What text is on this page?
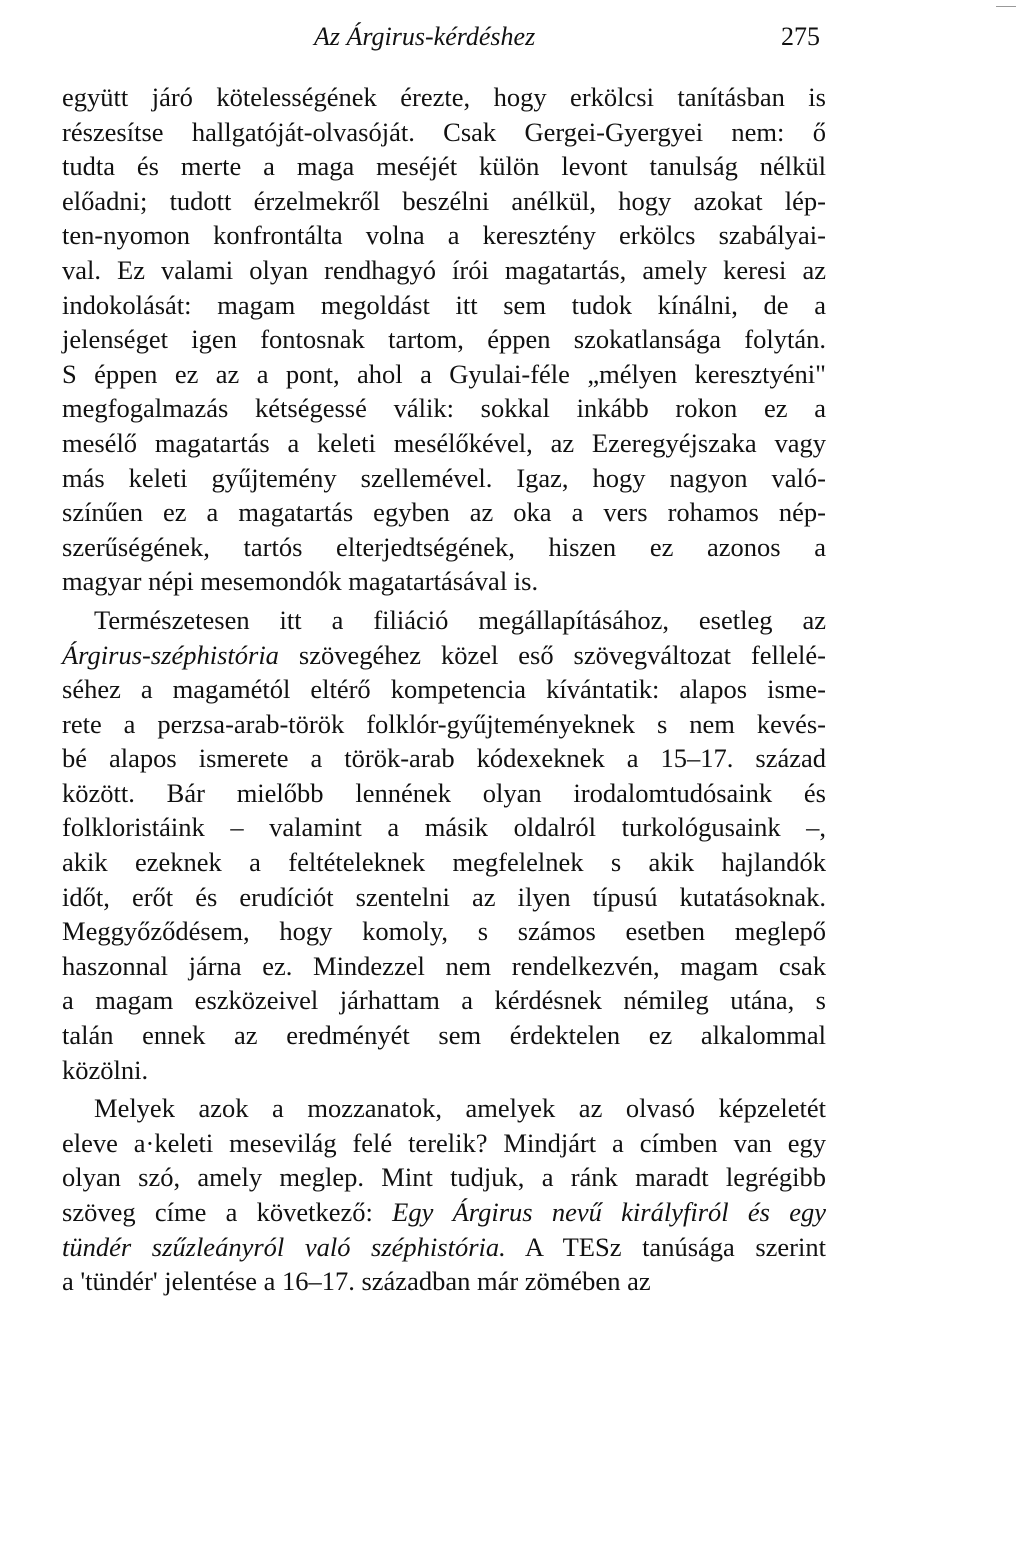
Az Árgirus-kérdéshez	275
együtt járó kötelességének érezte, hogy erkölcsi tanításban is
részesítse hallgatóját-olvasóját. Csak Gergei-Gyergyei nem: ő
tudta és merte a maga meséjét külön levont tanulság nélkül
előadni; tudott érzelmekről beszélni anélkül, hogy azokat lép-
ten-nyomon konfrontálta volna a keresztény erkölcs szabályai-
val. Ez valami olyan rendhagyó írói magatartás, amely keresi az
indokolását: magam megoldást itt sem tudok kínálni, de a
jelenséget igen fontosnak tartom, éppen szokatlansága folytán.
S éppen ez az a pont, ahol a Gyulai-féle „mélyen keresztyéni"
megfogalmazás kétségessé válik: sokkal inkább rokon ez a
mesélő magatartás a keleti mesélőkével, az Ezeregyéjszaka vagy
más keleti gyűjtemény szellemével. Igaz, hogy nagyon való-
színűen ez a magatartás egyben az oka a vers rohamos nép-
szerűségének, tartós elterjedtségének, hiszen ez azonos a
magyar népi mesemondók magatartásával is.
Természetesen itt a filiáció megállapításához, esetleg az
Árgirus-széphistória szövegéhez közel eső szövegváltozat fellelé-
séhez a magamétól eltérő kompetencia kívántatik: alapos isme-
rete a perzsa-arab-török folklór-gyűjteményeknek s nem kevés-
bé alapos ismerete a török-arab kódexeknek a 15–17. század
között. Bár mielőbb lennének olyan irodalomtudósaink és
folkloristáink – valamint a másik oldalról turkológusaink –,
akik ezeknek a feltételeknek megfelelnek s akik hajlandók
időt, erőt és erudíciót szentelni az ilyen típusú kutatásoknak.
Meggyőződésem, hogy komoly, s számos esetben meglepő
haszonnal járna ez. Mindezzel nem rendelkezvén, magam csak
a magam eszközeivel járhattam a kérdésnek némileg utána, s
talán ennek az eredményét sem érdektelen ez alkalommal
közölni.
Melyek azok a mozzanatok, amelyek az olvasó képzeletét
eleve a·keleti mesevilág felé terelik? Mindjárt a címben van egy
olyan szó, amely meglep. Mint tudjuk, a ránk maradt legrégibb
szöveg címe a következő: Egy Árgirus nevű királyfiról és egy
tündér szűzleányról való széphistória. A TESz tanúsága szerint
a 'tündér' jelentése a 16–17. században már zömében az
